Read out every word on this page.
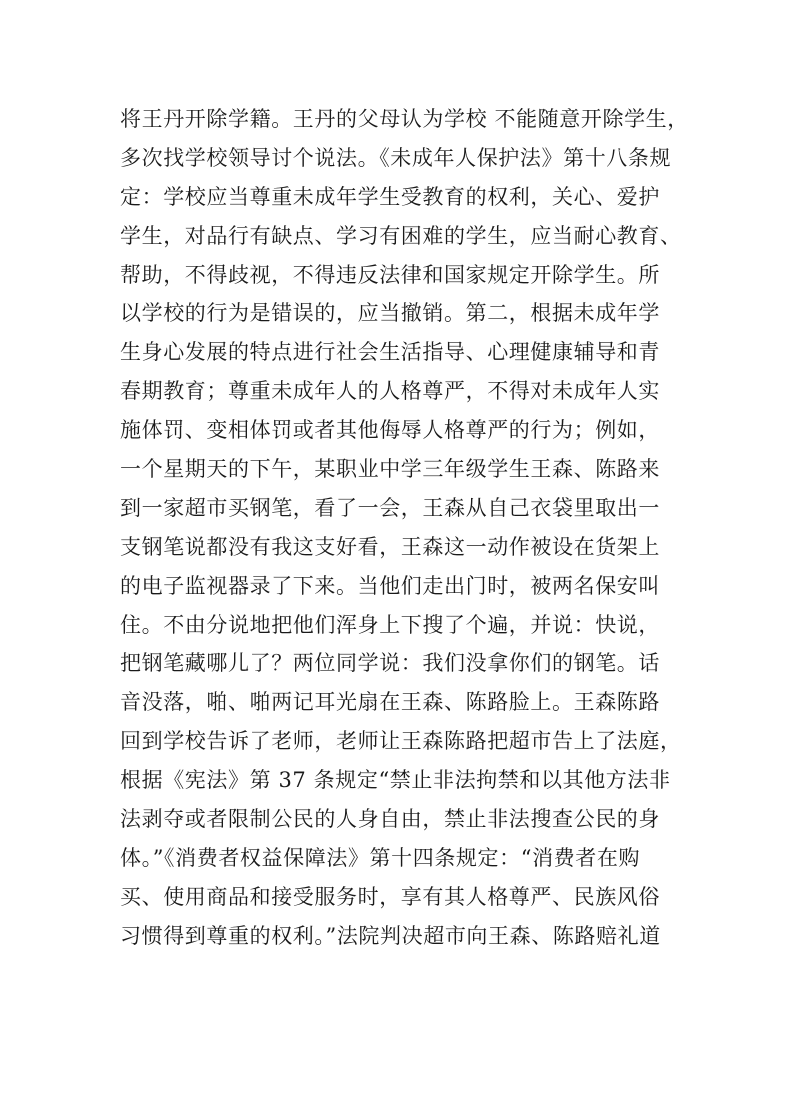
将王丹开除学籍。王丹的父母认为学校 不能随意开除学生，
多次找学校领导讨个说法。《未成年人保护法》第十八条规
定：学校应当尊重未成年学生受教育的权利，关心、爱护
学生，对品行有缺点、学习有困难的学生，应当耐心教育、
帮助，不得歧视，不得违反法律和国家规定开除学生。所
以学校的行为是错误的，应当撤销。第二，根据未成年学
生身心发展的特点进行社会生活指导、心理健康辅导和青
春期教育；尊重未成年人的人格尊严，不得对未成年人实
施体罚、变相体罚或者其他侮辱人格尊严的行为；例如，
一个星期天的下午，某职业中学三年级学生王森、陈路来
到一家超市买钢笔，看了一会，王森从自己衣袋里取出一
支钢笔说都没有我这支好看，王森这一动作被设在货架上
的电子监视器录了下来。当他们走出门时，被两名保安叫
住。不由分说地把他们浑身上下搜了个遍，并说：快说，
把钢笔藏哪儿了？两位同学说：我们没拿你们的钢笔。话
音没落，啪、啪两记耳光扇在王森、陈路脸上。王森陈路
回到学校告诉了老师，老师让王森陈路把超市告上了法庭，
根据《宪法》第 37 条规定“禁止非法拘禁和以其他方法非
法剥夺或者限制公民的人身自由，禁止非法搜查公民的身
体。”《消费者权益保障法》第十四条规定：“消费者在购
买、使用商品和接受服务时，享有其人格尊严、民族风俗
习惯得到尊重的权利。”法院判决超市向王森、陈路赔礼道
